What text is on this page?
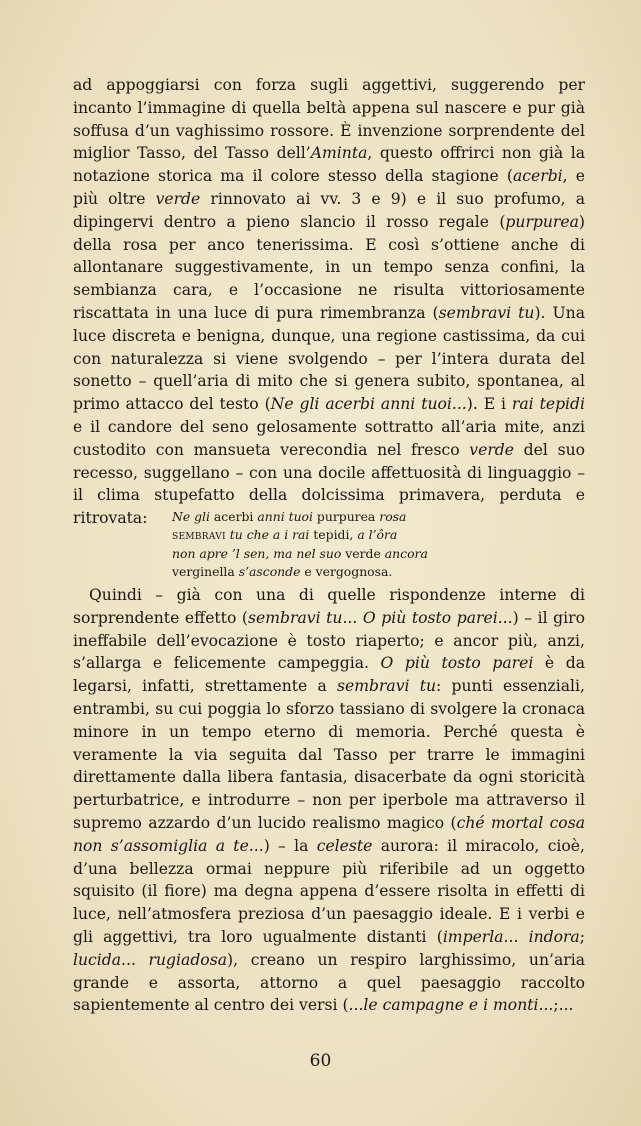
ad appoggiarsi con forza sugli aggettivi, suggerendo per incanto l’immagine di quella beltà appena sul nascere e pur già soffusa d’un vaghissimo rossore. È invenzione sorprendente del miglior Tasso, del Tasso dell’Aminta, questo offrirci non già la notazione storica ma il colore stesso della stagione (acerbi, e più oltre verde rinnovato ai vv. 3 e 9) e il suo profumo, a dipingervi dentro a pieno slancio il rosso regale (purpurea) della rosa per anco tenerissima. E così s’ottiene anche di allontanare suggestivamente, in un tempo senza confini, la sembianza cara, e l’occasione ne risulta vittoriosamente riscattata in una luce di pura rimembranza (sembravi tu). Una luce discreta e benigna, dunque, una regione castissima, da cui con naturalezza si viene svolgendo – per l’intera durata del sonetto – quell’aria di mito che si genera subito, spontanea, al primo attacco del testo (Ne gli acerbi anni tuoi...). E i rai tepidi e il candore del seno gelosamente sottratto all’aria mite, anzi custodito con mansueta verecondia nel fresco verde del suo recesso, suggellano – con una docile affettuosità di linguaggio – il clima stupefatto della dolcissima primavera, perduta e ritrovata:	Ne gli acerbi anni tuoi purpurea rosa
sembravi tu che a i rai tepidi, a l’ôra
non apre ’l sen, ma nel suo verde ancora
verginella s’asconde e vergognosa.

Quindi – già con una di quelle rispondenze interne di sorprendente effetto (sembravi tu... O più tosto parei...) – il giro ineffabile dell’evocazione è tosto riaperto; e ancor più, anzi, s’allarga e felicemente campeggia. O più tosto parei è da legarsi, infatti, strettamente a sembravi tu: punti essenziali, entrambi, su cui poggia lo sforzo tassiano di svolgere la cronaca minore in un tempo eterno di memoria. Perché questa è veramente la via seguita dal Tasso per trarre le immagini direttamente dalla libera fantasia, disacerbate da ogni storicità perturbatrice, e introdurre – non per iperbole ma attraverso il supremo azzardo d’un lucido realismo magico (ché mortal cosa non s’assomiglia a te...) – la celeste aurora: il miracolo, cioè, d’una bellezza ormai neppure più riferibile ad un oggetto squisito (il fiore) ma degna appena d’essere risolta in effetti di luce, nell’atmosfera preziosa d’un paesaggio ideale. E i verbi e gli aggettivi, tra loro ugualmente distanti (imperla... indora; lucida... rugiadosa), creano un respiro larghissimo, un’aria grande e assorta, attorno a quel paesaggio raccolto sapientemente al centro dei versi (...le campagne e i monti...;...

60
